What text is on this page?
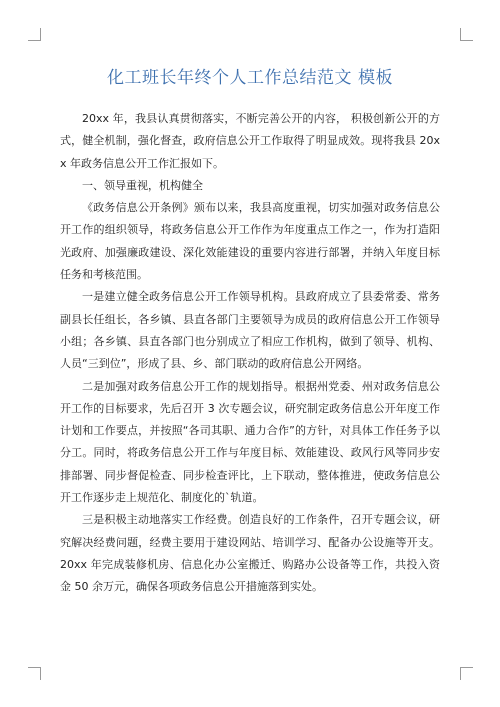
化工班长年终个人工作总结范文 模板

20xx 年，我县认真贯彻落实，不断完善公开的内容， 积极创新公开的方式，健全机制，强化督查，政府信息公开工作取得了明显成效。现将我县 20xx 年政务信息公开工作汇报如下。

一、领导重视，机构健全

《政务信息公开条例》颁布以来，我县高度重视，切实加强对政务信息公开工作的组织领导，将政务信息公开工作作为年度重点工作之一，作为打造阳光政府、加强廉政建设、深化效能建设的重要内容进行部署，并纳入年度目标任务和考核范围。

一是建立健全政务信息公开工作领导机构。县政府成立了县委常委、常务副县长任组长，各乡镇、县直各部门主要领导为成员的政府信息公开工作领导小组；各乡镇、县直各部门也分别成立了相应工作机构，做到了领导、机构、人员“三到位”，形成了县、乡、部门联动的政府信息公开网络。

二是加强对政务信息公开工作的规划指导。根据州党委、州对政务信息公开工作的目标要求，先后召开 3 次专题会议，研究制定政务信息公开年度工作计划和工作要点，并按照“各司其职、通力合作”的方针，对具体工作任务予以分工。同时，将政务信息公开工作与年度目标、效能建设、政风行风等同步安排部署、同步督促检查、同步检查评比，上下联动，整体推进，使政务信息公开工作逐步走上规范化、制度化的`轨道。

三是积极主动地落实工作经费。创造良好的工作条件，召开专题会议，研究解决经费问题，经费主要用于建设网站、培训学习、配备办公设施等开支。20xx 年完成装修机房、信息化办公室搬迁、购路办公设备等工作，共投入资金 50 余万元，确保各项政务信息公开措施落到实处。
